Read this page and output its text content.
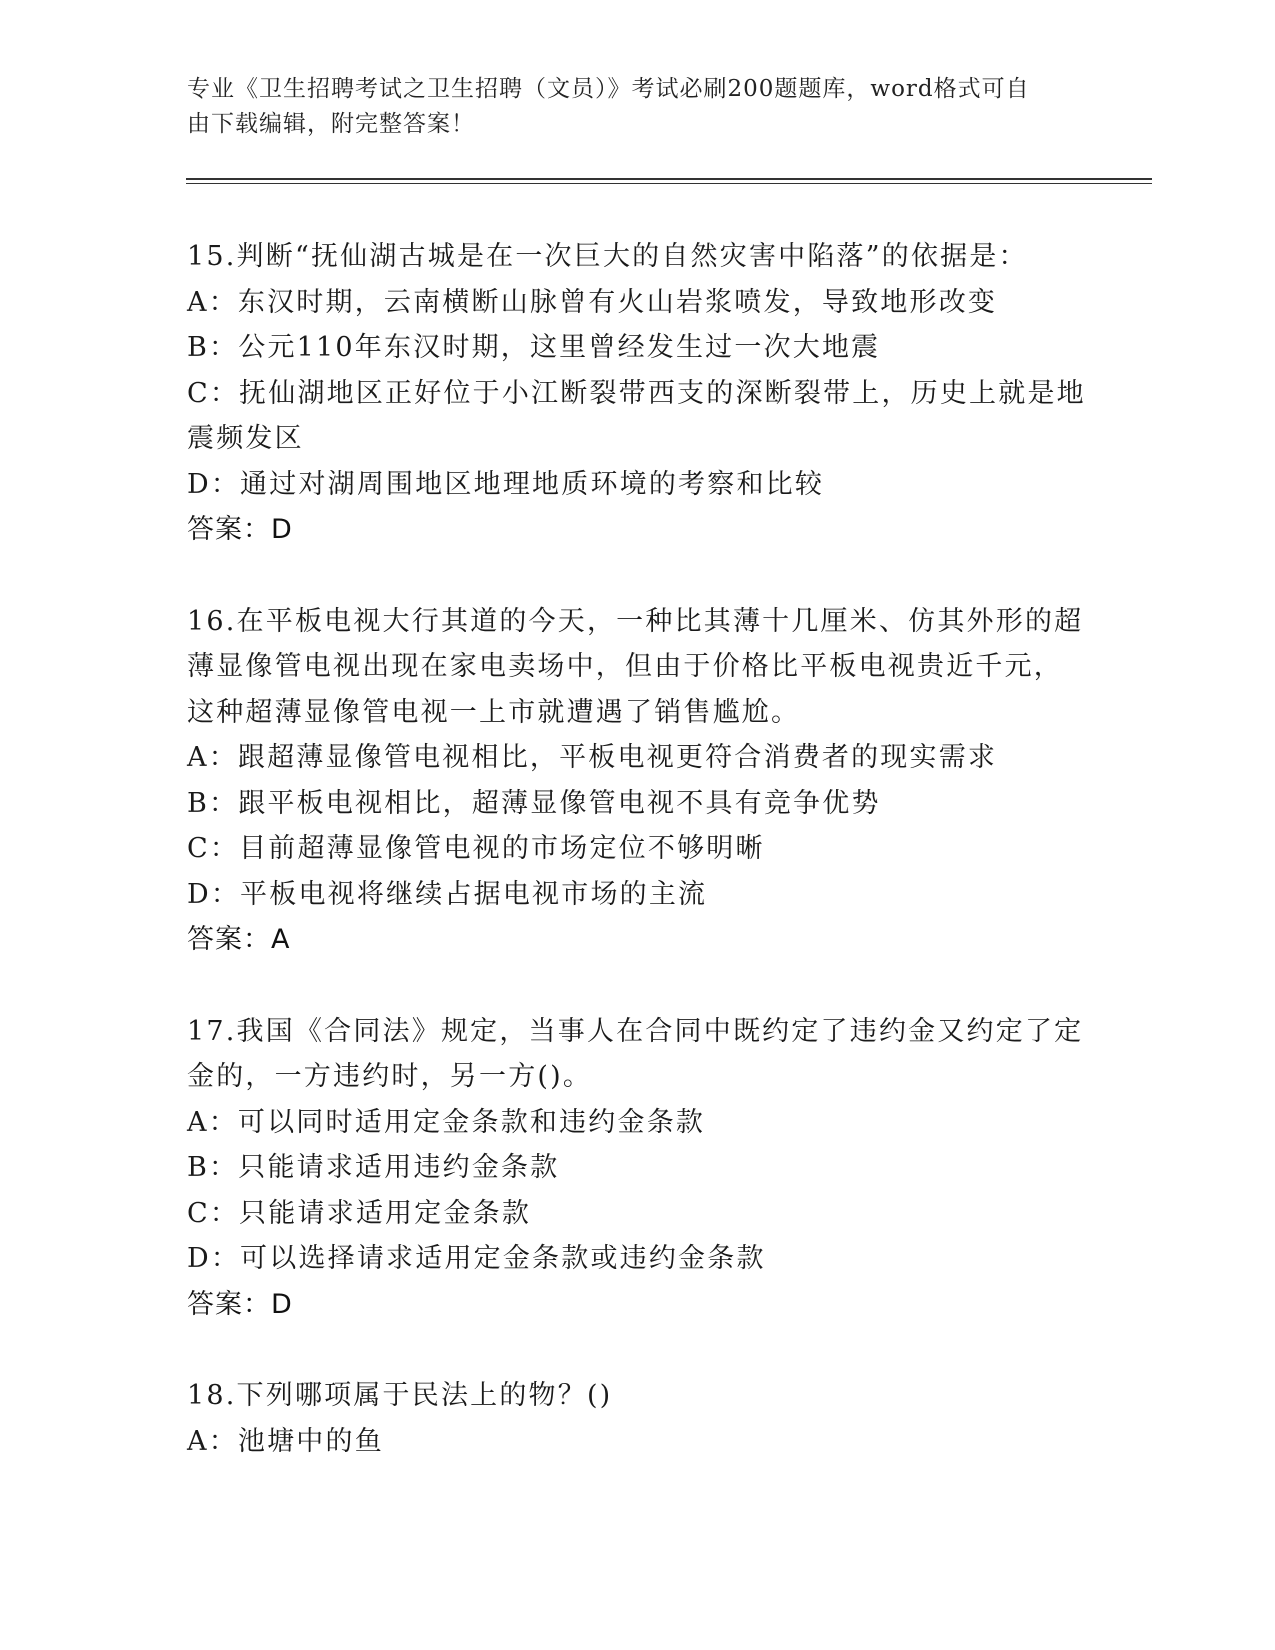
专业《卫生招聘考试之卫生招聘（文员）》考试必刷200题题库，word格式可自
由下载编辑，附完整答案！
15.判断“抚仙湖古城是在一次巨大的自然灾害中陷落”的依据是：
A：东汉时期，云南横断山脉曾有火山岩浆喷发，导致地形改变
B：公元110年东汉时期，这里曾经发生过一次大地震
C：抚仙湖地区正好位于小江断裂带西支的深断裂带上，历史上就是地
震频发区
D：通过对湖周围地区地理地质环境的考察和比较
答案：D
16.在平板电视大行其道的今天，一种比其薄十几厘米、仿其外形的超
薄显像管电视出现在家电卖场中，但由于价格比平板电视贵近千元，
这种超薄显像管电视一上市就遭遇了销售尴尬。
A：跟超薄显像管电视相比，平板电视更符合消费者的现实需求
B：跟平板电视相比，超薄显像管电视不具有竞争优势
C：目前超薄显像管电视的市场定位不够明晰
D：平板电视将继续占据电视市场的主流
答案：A
17.我国《合同法》规定，当事人在合同中既约定了违约金又约定了定
金的，一方违约时，另一方()。
A：可以同时适用定金条款和违约金条款
B：只能请求适用违约金条款
C：只能请求适用定金条款
D：可以选择请求适用定金条款或违约金条款
答案：D
18.下列哪项属于民法上的物？()
A：池塘中的鱼
